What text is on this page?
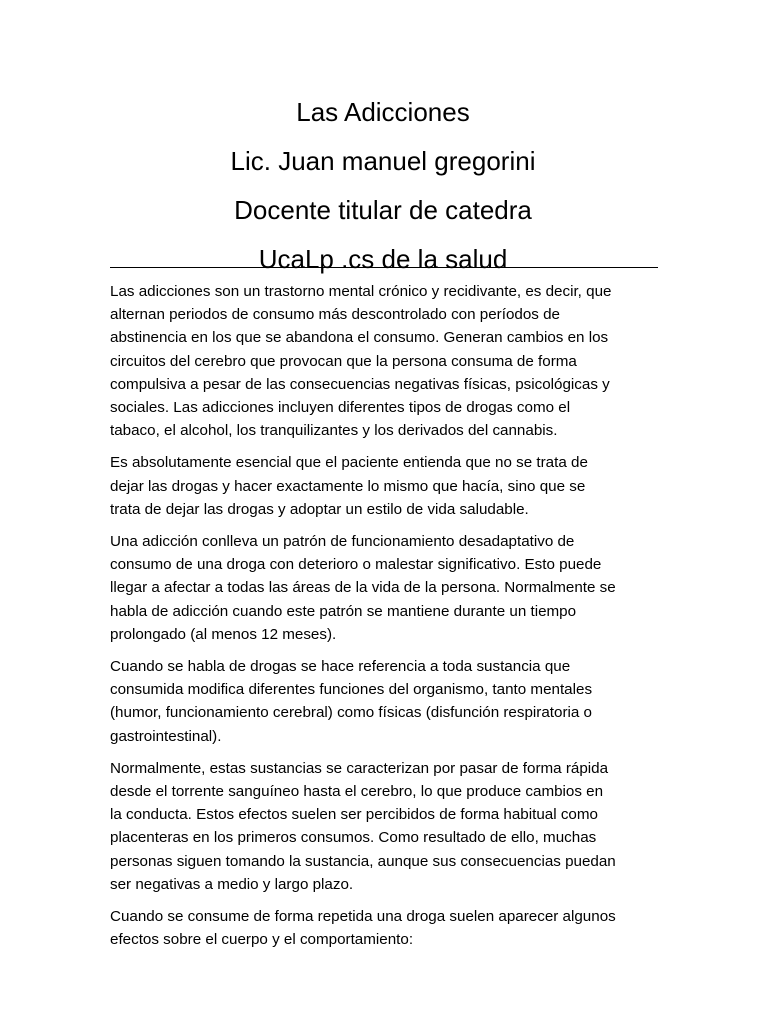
Las Adicciones
Lic. Juan manuel gregorini
Docente titular de catedra
UcaLp .cs de la salud

Las adicciones son un trastorno mental crónico y recidivante, es decir, que
alternan periodos de consumo más descontrolado con períodos de
abstinencia en los que se abandona el consumo. Generan cambios en los
circuitos del cerebro que provocan que la persona consuma de forma
compulsiva a pesar de las consecuencias negativas físicas, psicológicas y
sociales. Las adicciones incluyen diferentes tipos de drogas como el
tabaco, el alcohol, los tranquilizantes y los derivados del cannabis.

Es absolutamente esencial que el paciente entienda que no se trata de
dejar las drogas y hacer exactamente lo mismo que hacía, sino que se
trata de dejar las drogas y adoptar un estilo de vida saludable.

Una adicción conlleva un patrón de funcionamiento desadaptativo de
consumo de una droga con deterioro o malestar significativo. Esto puede
llegar a afectar a todas las áreas de la vida de la persona. Normalmente se
habla de adicción cuando este patrón se mantiene durante un tiempo
prolongado (al menos 12 meses).

Cuando se habla de drogas se hace referencia a toda sustancia que
consumida modifica diferentes funciones del organismo, tanto mentales
(humor, funcionamiento cerebral) como físicas (disfunción respiratoria o
gastrointestinal).

Normalmente, estas sustancias se caracterizan por pasar de forma rápida
desde el torrente sanguíneo hasta el cerebro, lo que produce cambios en
la conducta. Estos efectos suelen ser percibidos de forma habitual como
placenteras en los primeros consumos. Como resultado de ello, muchas
personas siguen tomando la sustancia, aunque sus consecuencias puedan
ser negativas a medio y largo plazo.

Cuando se consume de forma repetida una droga suelen aparecer algunos
efectos sobre el cuerpo y el comportamiento:
